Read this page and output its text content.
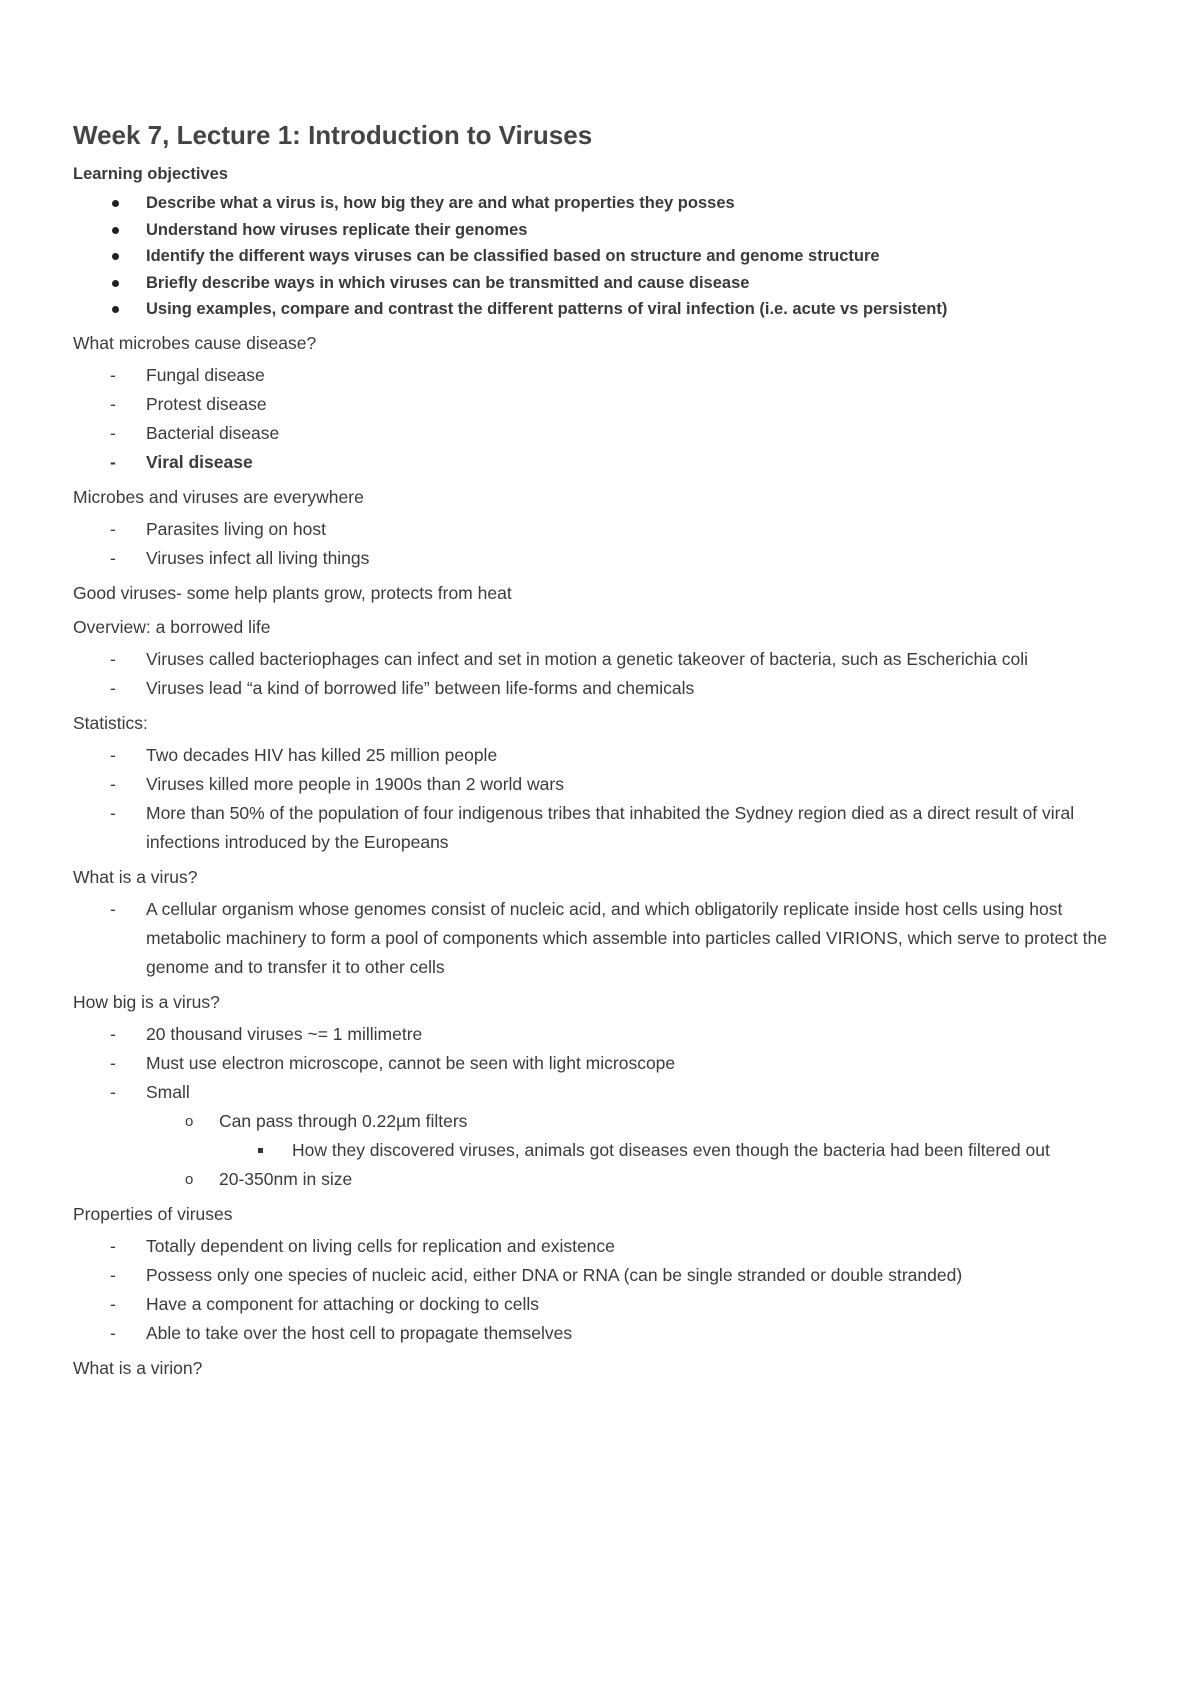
Week 7, Lecture 1: Introduction to Viruses
Learning objectives
Describe what a virus is, how big they are and what properties they posses
Understand how viruses replicate their genomes
Identify the different ways viruses can be classified based on structure and genome structure
Briefly describe ways in which viruses can be transmitted and cause disease
Using examples, compare and contrast the different patterns of viral infection (i.e. acute vs persistent)
What microbes cause disease?
- Fungal disease
- Protest disease
- Bacterial disease
- Viral disease
Microbes and viruses are everywhere
- Parasites living on host
- Viruses infect all living things
Good viruses- some help plants grow, protects from heat
Overview: a borrowed life
- Viruses called bacteriophages can infect and set in motion a genetic takeover of bacteria, such as Escherichia coli
- Viruses lead “a kind of borrowed life” between life-forms and chemicals
Statistics:
- Two decades HIV has killed 25 million people
- Viruses killed more people in 1900s than 2 world wars
- More than 50% of the population of four indigenous tribes that inhabited the Sydney region died as a direct result of viral infections introduced by the Europeans
What is a virus?
- A cellular organism whose genomes consist of nucleic acid, and which obligatorily replicate inside host cells using host metabolic machinery to form a pool of components which assemble into particles called VIRIONS, which serve to protect the genome and to transfer it to other cells
How big is a virus?
- 20 thousand viruses ~= 1 millimetre
- Must use electron microscope, cannot be seen with light microscope
- Small
o Can pass through 0.22µm filters
How they discovered viruses, animals got diseases even though the bacteria had been filtered out
o 20-350nm in size
Properties of viruses
- Totally dependent on living cells for replication and existence
- Possess only one species of nucleic acid, either DNA or RNA (can be single stranded or double stranded)
- Have a component for attaching or docking to cells
- Able to take over the host cell to propagate themselves
What is a virion?
